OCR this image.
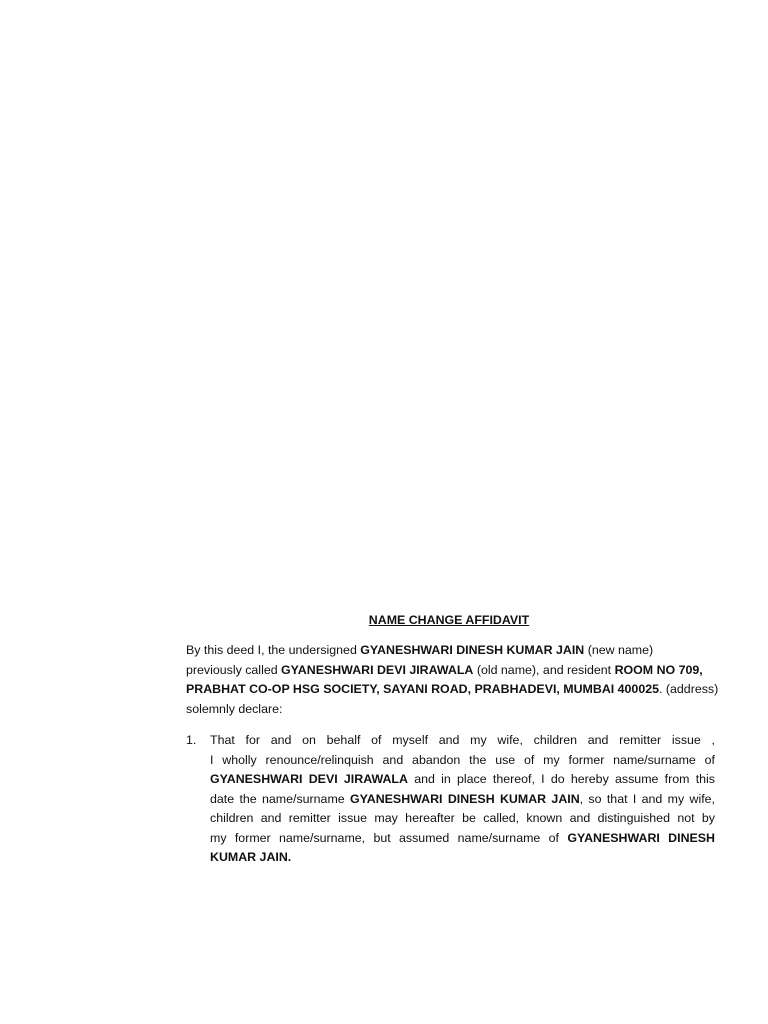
NAME CHANGE AFFIDAVIT
By this deed I, the undersigned GYANESHWARI DINESH KUMAR JAIN (new name)
previously called GYANESHWARI DEVI JIRAWALA (old name), and resident ROOM NO 709,
PRABHAT CO-OP HSG SOCIETY, SAYANI ROAD, PRABHADEVI, MUMBAI 400025. (address)
solemnly declare:
1. That for and on behalf of myself and my wife, children and remitter issue ,
I wholly renounce/relinquish and abandon the use of my former name/surname of
GYANESHWARI DEVI JIRAWALA and in place thereof, I do hereby assume from this
date the name/surname GYANESHWARI DINESH KUMAR JAIN, so that I and my wife,
children and remitter issue may hereafter be called, known and distinguished not by
my former name/surname, but assumed name/surname of GYANESHWARI DINESH
KUMAR JAIN.
